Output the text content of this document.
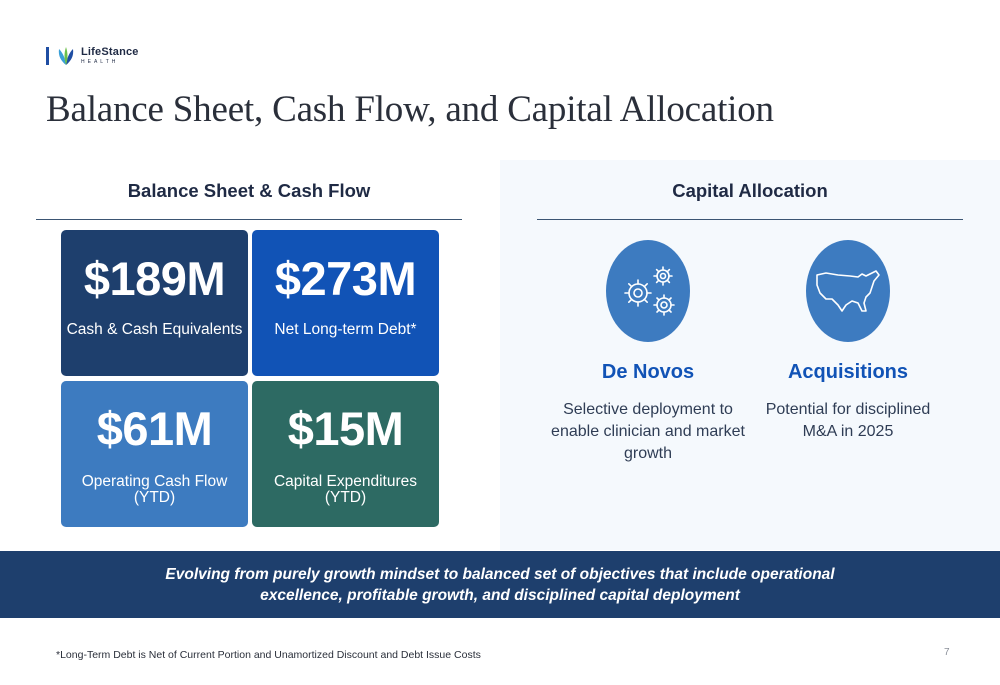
LifeStance
HEALTH
Balance Sheet, Cash Flow, and Capital Allocation
Balance Sheet & Cash Flow	Capital Allocation
$189M
Cash & Cash Equivalents
$273M
Net Long-term Debt*
$61M
Operating Cash Flow (YTD)
$15M
Capital Expenditures (YTD)
De Novos
Selective deployment to enable clinician and market growth
Acquisitions
Potential for disciplined M&A in 2025
Evolving from purely growth mindset to balanced set of objectives that include operational excellence, profitable growth, and disciplined capital deployment
*Long-Term Debt is Net of Current Portion and Unamortized Discount and Debt Issue Costs	7
